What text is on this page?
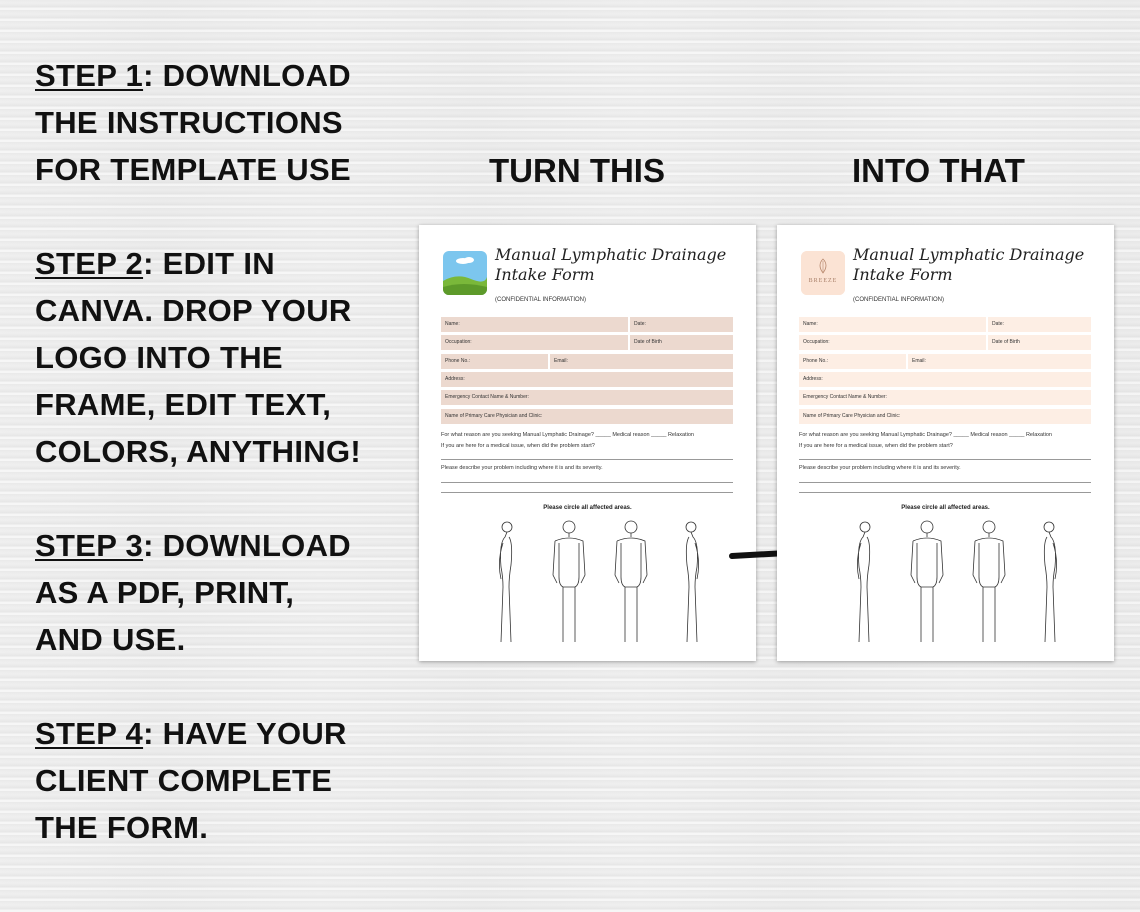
STEP 1: DOWNLOAD
THE INSTRUCTIONS
FOR TEMPLATE USE
STEP 2: EDIT IN
CANVA. DROP YOUR
LOGO INTO THE
FRAME, EDIT TEXT,
COLORS, ANYTHING!
STEP 3: DOWNLOAD
AS A PDF, PRINT,
AND USE.
STEP 4: HAVE YOUR
CLIENT COMPLETE
THE FORM.
TURN THIS	INTO THAT
Manual Lymphatic Drainage
Intake Form
(CONFIDENTIAL INFORMATION)
Name:	Date:
Occupation:	Date of Birth
Phone No.:	Email:
Address:
Emergency Contact Name & Number:
Name of Primary Care Physician and Clinic:
For what reason are you seeking Manual Lymphatic Drainage? _____ Medical reason _____ Relaxation
If you are here for a medical issue, when did the problem start?
Please describe your problem including where it is and its severity.
Please circle all affected areas.
BREEZE
Manual Lymphatic Drainage
Intake Form
(CONFIDENTIAL INFORMATION)
Name:	Date:
Occupation:	Date of Birth
Phone No.:	Email:
Address:
Emergency Contact Name & Number:
Name of Primary Care Physician and Clinic:
For what reason are you seeking Manual Lymphatic Drainage? _____ Medical reason _____ Relaxation
If you are here for a medical issue, when did the problem start?
Please describe your problem including where it is and its severity.
Please circle all affected areas.
